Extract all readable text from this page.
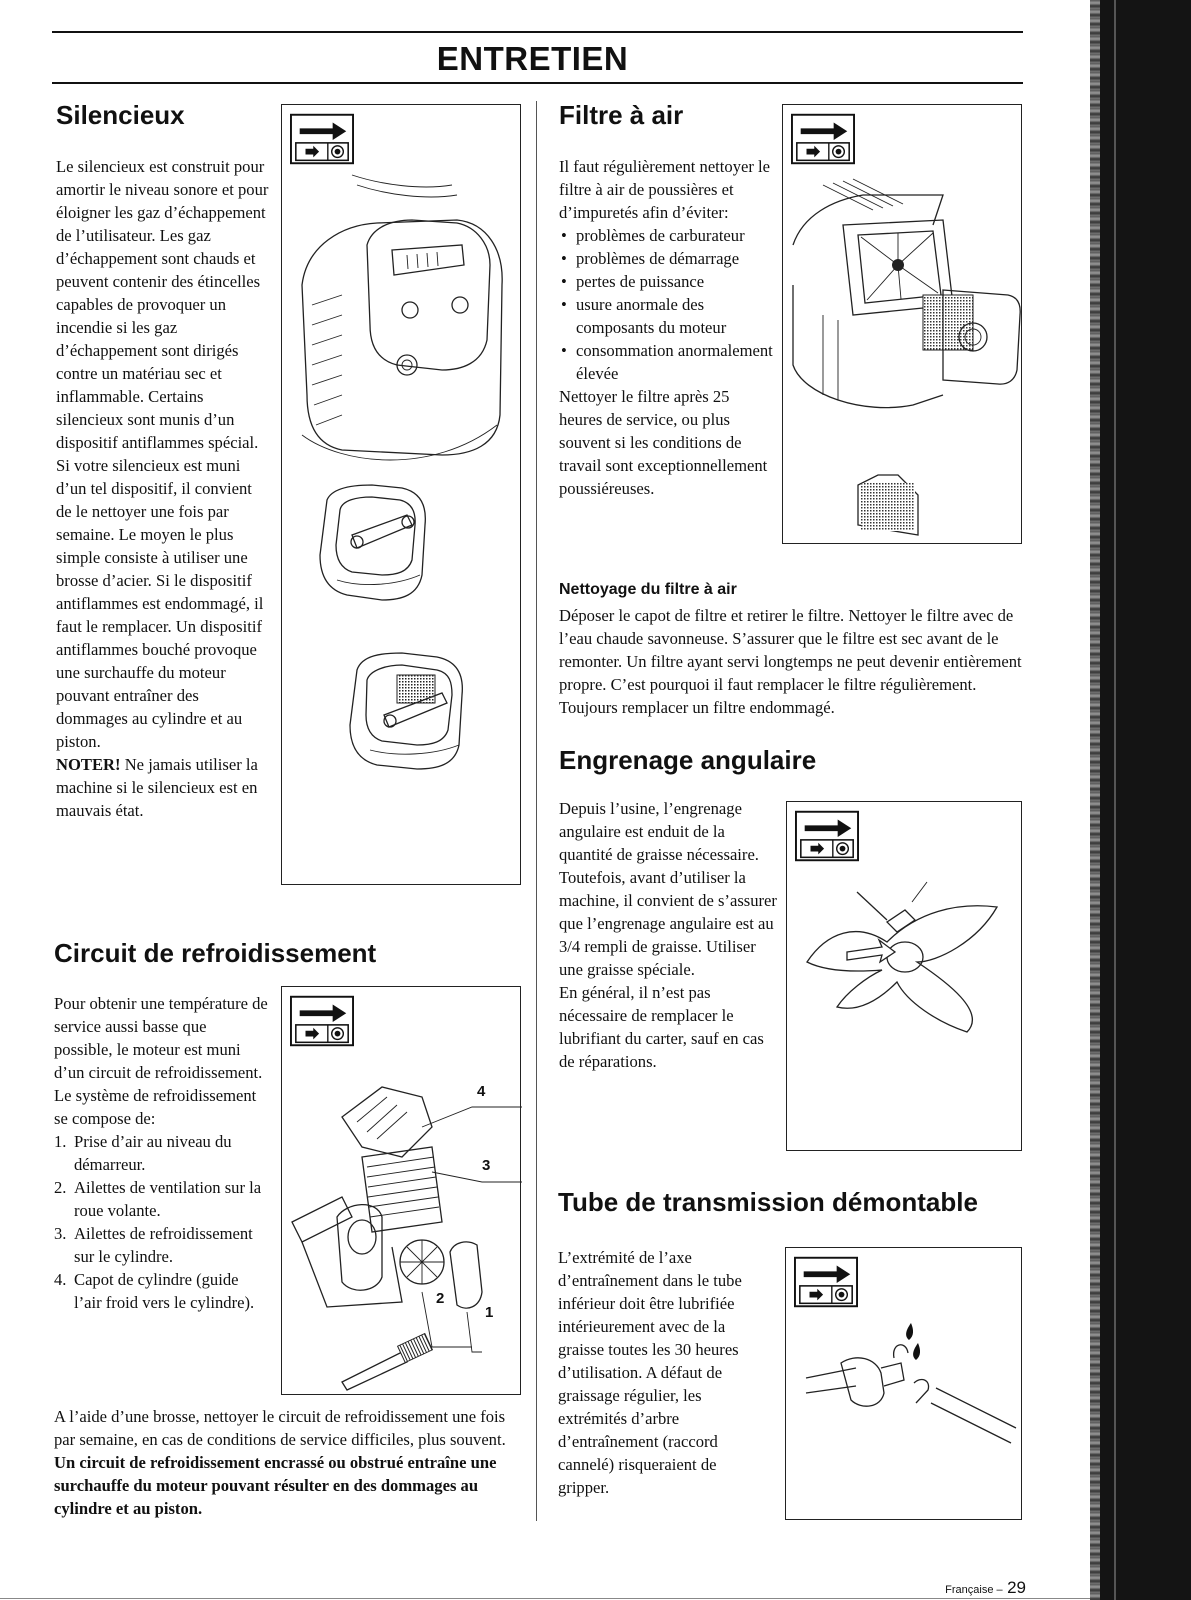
ENTRETIEN
Silencieux

Le silencieux est construit pour amortir le niveau sonore et pour éloigner les gaz d’échappement de l’utilisateur. Les gaz d’échappement sont chauds et peuvent contenir des étincelles capables de provoquer un incendie si les gaz d’échappement sont dirigés contre un matériau sec et inflammable. Certains silencieux sont munis d’un dispositif antiflammes spécial. Si votre silencieux est muni d’un tel dispositif, il convient de le nettoyer une fois par semaine. Le moyen le plus simple consiste à utiliser une brosse d’acier. Si le dispositif antiflammes est endommagé, il faut le remplacer. Un dispositif antiflammes bouché provoque une surchauffe du moteur pouvant entraîner des dommages au cylindre et au piston.
NOTER! Ne jamais utiliser la machine si le silencieux est en mauvais état.

Circuit de refroidissement

Pour obtenir une température de service aussi basse que possible, le moteur est muni d’un circuit de refroidissement. Le système de refroidissement se compose de:

1. Prise d’air au niveau du démarreur.
2. Ailettes de ventilation sur la roue volante.
3. Ailettes de refroidissement sur le cylindre.
4. Capot de cylindre (guide l’air froid vers le cylindre).

A l’aide d’une brosse, nettoyer le circuit de refroidissement une fois par semaine, en cas de conditions de service difficiles, plus souvent. Un circuit de refroidissement encrassé ou obstrué entraîne une surchauffe du moteur pouvant résulter en des dommages au cylindre et au piston.

4
3
2
1
Filtre à air

Il faut régulièrement nettoyer le filtre à air de poussières et d’impuretés afin d’éviter:

• problèmes de carburateur
• problèmes de démarrage
• pertes de puissance
• usure anormale des composants du moteur
• consommation anormalement élevée

Nettoyer le filtre après 25 heures de service, ou plus souvent si les conditions de travail sont exceptionnellement poussiéreuses.

Nettoyage du filtre à air
Déposer le capot de filtre et retirer le filtre. Nettoyer le filtre avec de l’eau chaude savonneuse. S’assurer que le filtre est sec avant de le remonter. Un filtre ayant servi longtemps ne peut devenir entièrement propre. C’est pourquoi il faut remplacer le filtre régulièrement. Toujours remplacer un filtre endommagé.
Engrenage angulaire

Depuis l’usine, l’engrenage angulaire est enduit de la quantité de graisse nécessaire. Toutefois, avant d’utiliser la machine, il convient de s’assurer que l’engrenage angulaire est au 3/4 rempli de graisse. Utiliser une graisse spéciale.

En général, il n’est pas nécessaire de remplacer le lubrifiant du carter, sauf en cas de réparations.

Tube de transmission démontable
L’extrémité de l’axe d’entraînement dans le tube inférieur doit être lubrifiée intérieurement avec de la graisse toutes les 30 heures d’utilisation. A défaut de graissage régulier, les extrémités d’arbre d’entraînement (raccord cannelé) risqueraient de gripper.
Française – 29
